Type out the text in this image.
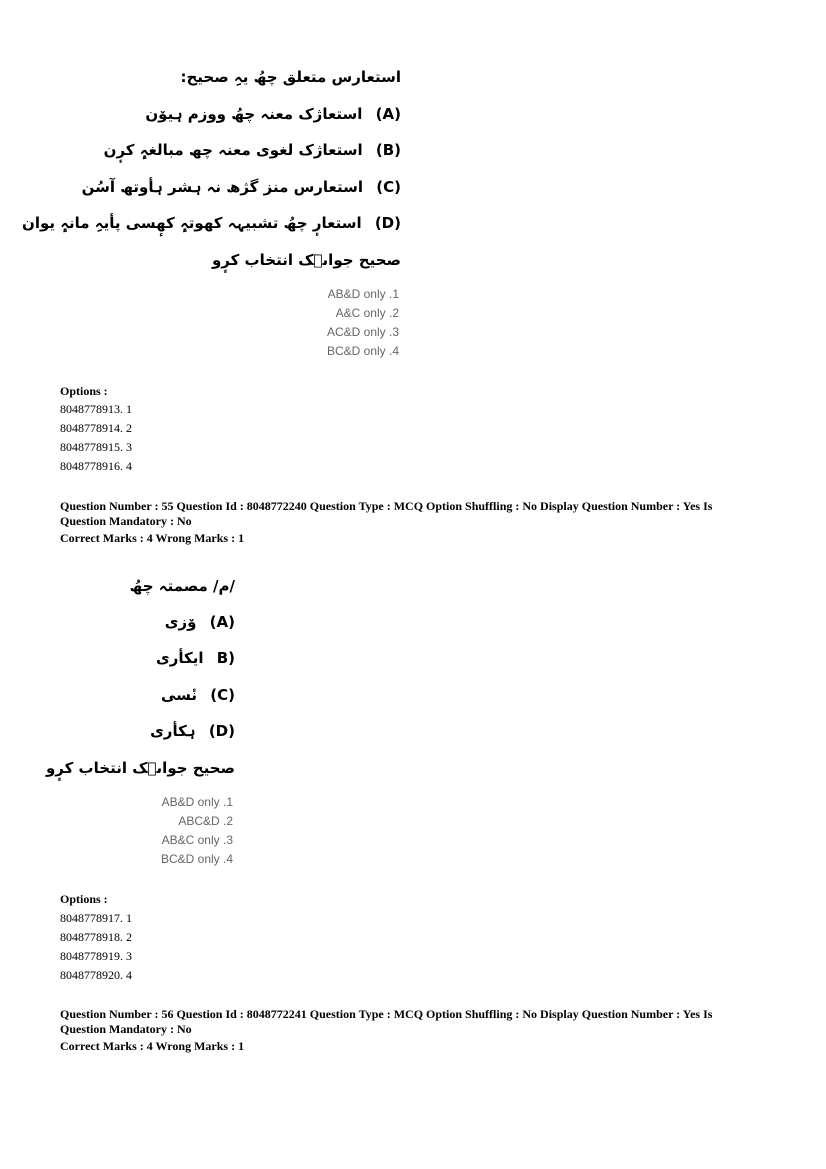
استعارس متعلق چھُ یہِ صحیح:
(A) استعاژک معنہ چھُ ووزم ہیوٚن
(B) استعاژک لغوی معنہ چھ مبالغہٕ کرٕن
(C) استعارس منز گژھ نہ ہشر ہأوتھ آسُن
(D) استعارٕ چھُ تشبیہہ کھوتہٕ کھٕسی پأیہِ مانہٕ یوان
صحیح جواٮ۪ک انتخاب کرٕو
AB&D only .1
A&C only .2
AC&D only .3
BC&D only .4
Options :
8048778913. 1
8048778914. 2
8048778915. 3
8048778916. 4
Question Number : 55 Question Id : 8048772240 Question Type : MCQ Option Shuffling : No Display Question Number : Yes Is
Question Mandatory : No
Correct Marks : 4 Wrong Marks : 1
/م/ مصمتہ چھُ
(A) وٚزی
B) ایکأری
(C) نٔسی
(D) ہکأری
صحیح جواٮ۪ک انتخاب کرٕو
AB&D only .1
ABC&D .2
AB&C only .3
BC&D only .4
Options :
8048778917. 1
8048778918. 2
8048778919. 3
8048778920. 4
Question Number : 56 Question Id : 8048772241 Question Type : MCQ Option Shuffling : No Display Question Number : Yes Is
Question Mandatory : No
Correct Marks : 4 Wrong Marks : 1
